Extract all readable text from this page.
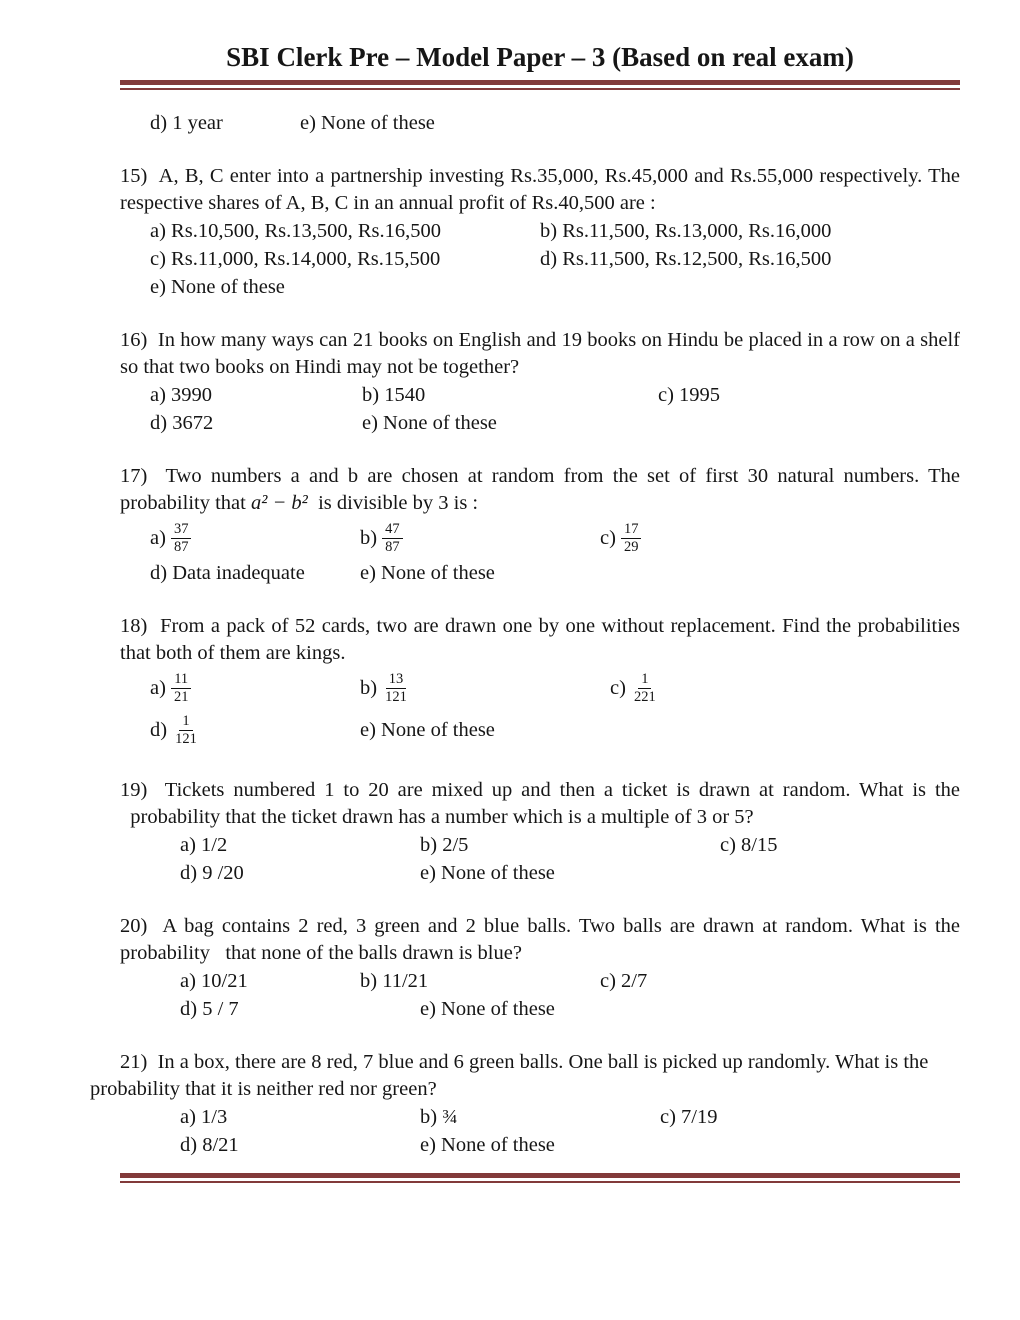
SBI Clerk Pre – Model Paper – 3 (Based on real exam)
d) 1 year	e) None of these

15)  A, B, C enter into a partnership investing Rs.35,000, Rs.45,000 and Rs.55,000 respectively. The respective shares of A, B, C in an annual profit of Rs.40,500 are :

a) Rs.10,500, Rs.13,500, Rs.16,500	b) Rs.11,500, Rs.13,000, Rs.16,000
c) Rs.11,000, Rs.14,000, Rs.15,500	d) Rs.11,500, Rs.12,500, Rs.16,500
e) None of these

16)  In how many ways can 21 books on English and 19 books on Hindu be placed in a row on a shelf so that two books on Hindi may not be together?

a) 3990	b) 1540	c) 1995
d) 3672	e) None of these

17)  Two numbers a and b are chosen at random from the set of first 30 natural numbers. The probability that a² − b²  is divisible by 3 is :

$a) \frac{37}{87}$	$b) \frac{47}{87}$	$c) \frac{17}{29}$
d) Data inadequate	e) None of these

18)  From a pack of 52 cards, two are drawn one by one without replacement. Find the probabilities that both of them are kings.

$a) \frac{11}{21}$	$b) \frac{13}{121}$	$c) \frac{1}{221}$
$d) \frac{1}{121}$	e) None of these

19)  Tickets numbered 1 to 20 are mixed up and then a ticket is drawn at random. What is the   probability that the ticket drawn has a number which is a multiple of 3 or 5?

a) 1/2	b) 2/5	c) 8/15
d) 9 /20	e) None of these

20)  A bag contains 2 red, 3 green and 2 blue balls. Two balls are drawn at random. What is the probability   that none of the balls drawn is blue?

a) 10/21	b) 11/21	c) 2/7
d) 5 / 7	e) None of these

21)  In a box, there are 8 red, 7 blue and 6 green balls. One ball is picked up randomly. What is the probability that it is neither red nor green?

a) 1/3	b) ¾	c) 7/19
d) 8/21	e) None of these
